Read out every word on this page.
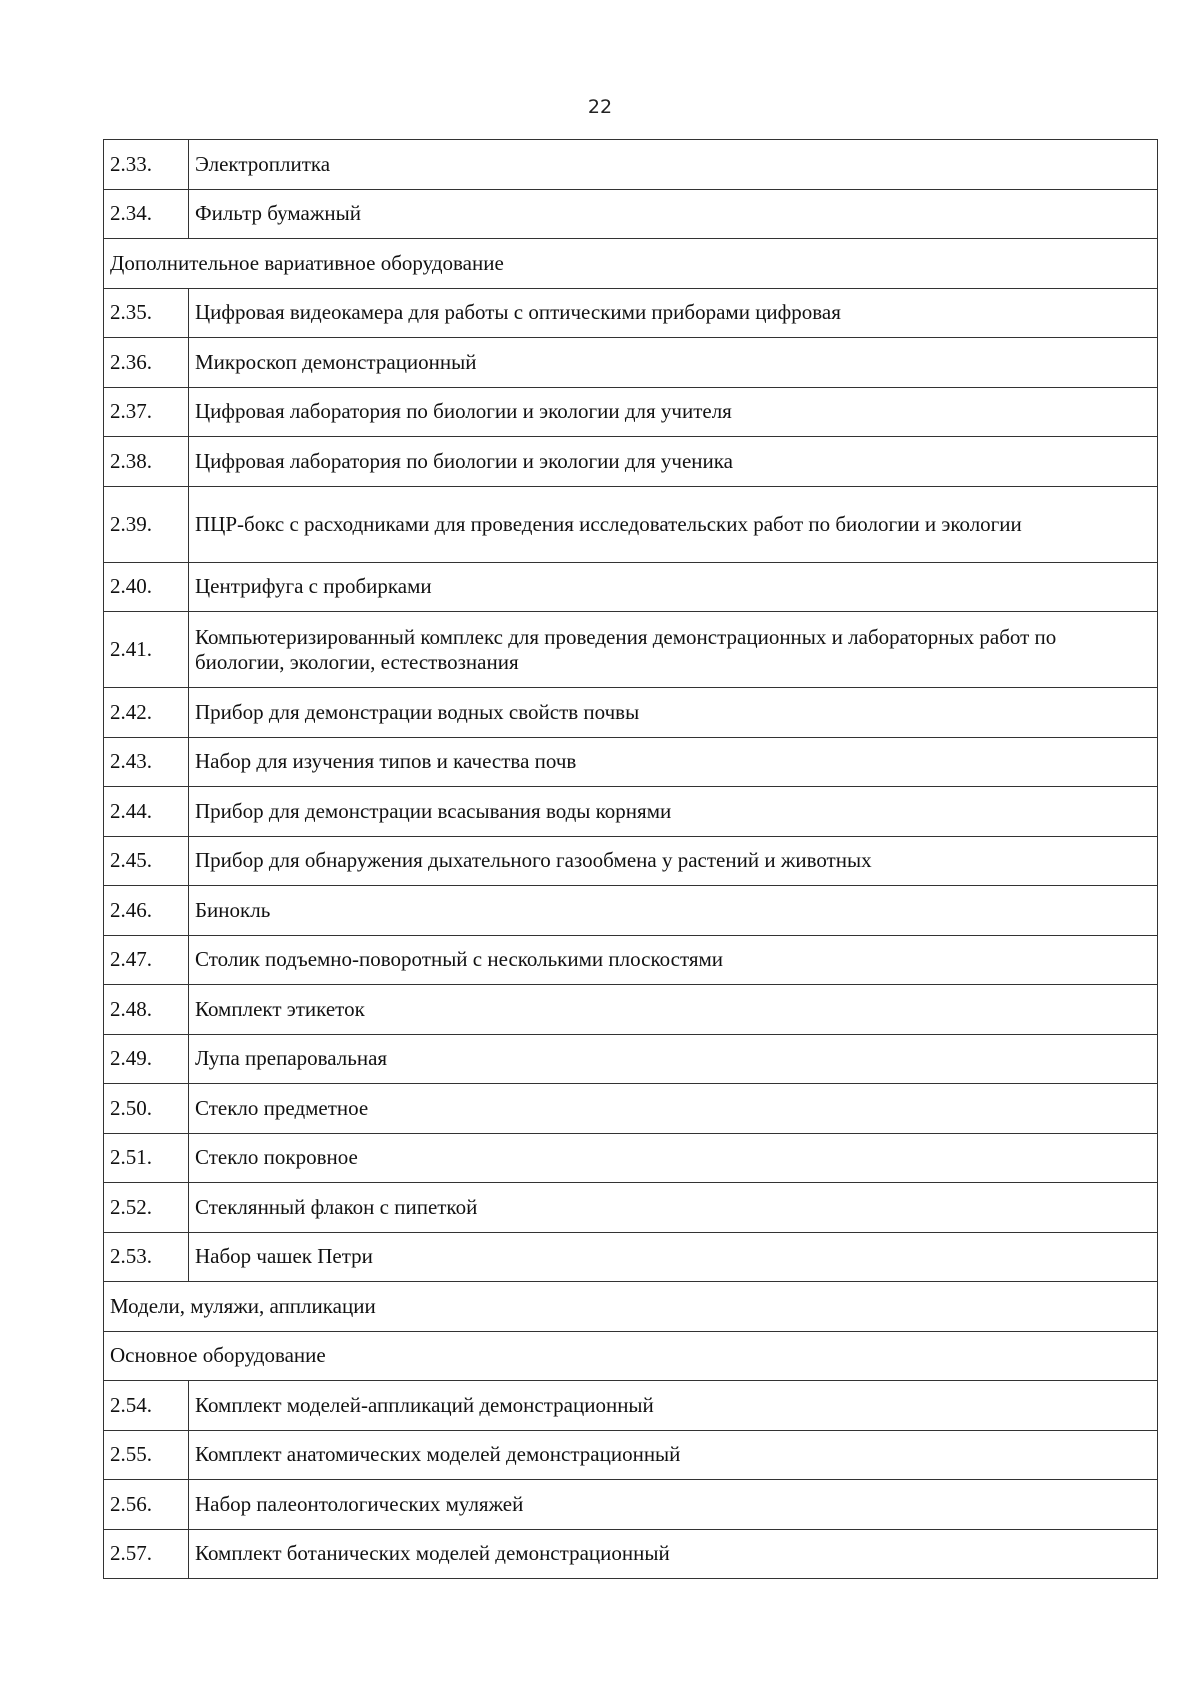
22
2.33.	Электроплитка
2.34.	Фильтр бумажный
Дополнительное вариативное оборудование	
2.35.	Цифровая видеокамера для работы с оптическими приборами цифровая
2.36.	Микроскоп демонстрационный
2.37.	Цифровая лаборатория по биологии и экологии для учителя
2.38.	Цифровая лаборатория по биологии и экологии для ученика
2.39.	ПЦР-бокс с расходниками для проведения исследовательских работ по биологии и экологии
2.40.	Центрифуга с пробирками
2.41.	Компьютеризированный комплекс для проведения демонстрационных и лабораторных работ по биологии, экологии, естествознания
2.42.	Прибор для демонстрации водных свойств почвы
2.43.	Набор для изучения типов и качества почв
2.44.	Прибор для демонстрации всасывания воды корнями
2.45.	Прибор для обнаружения дыхательного газообмена у растений и животных
2.46.	Бинокль
2.47.	Столик подъемно-поворотный с несколькими плоскостями
2.48.	Комплект этикеток
2.49.	Лупа препаровальная
2.50.	Стекло предметное
2.51.	Стекло покровное
2.52.	Стеклянный флакон с пипеткой
2.53.	Набор чашек Петри
Модели, муляжи, аппликации	
Основное оборудование	
2.54.	Комплект моделей-аппликаций демонстрационный
2.55.	Комплект анатомических моделей демонстрационный
2.56.	Набор палеонтологических муляжей
2.57.	Комплект ботанических моделей демонстрационный
